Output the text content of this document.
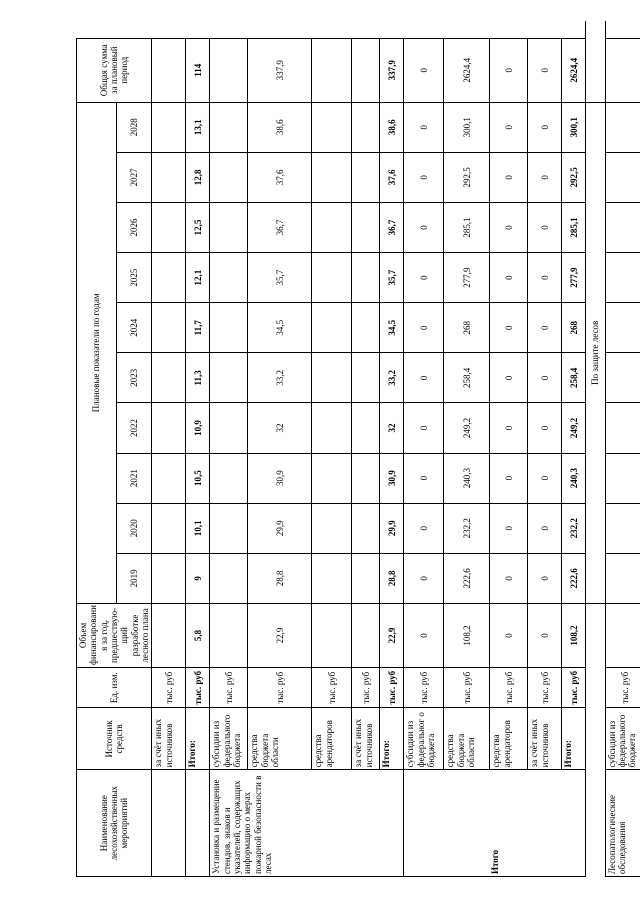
Наименование лесохозяйственных мероприятий	Источник средств	Ед. изм.	Объем финансировани я за год, предшествую-щий разработке лесного плана	Плановые показатели по годам										Общая сумма за плановый период	
				2019	2020	2021	2022	2023	2024	2025	2026	2027	2028		
	за счёт иных источников	тыс. руб													
	Итого:	тыс. руб	5,8	9	10,1	10,5	10,9	11,3	11,7	12,1	12,5	12,8	13,1	114	
Установка и размещение стендов, знаков и указателей, содержащих информацию о мерах пожарной безопасности в лесах	субсидии из федерального бюджета	тыс. руб													
	средства бюджета области	тыс. руб	22,9	28,8	29,9	30,9	32	33,2	34,5	35,7	36,7	37,6	38,6	337,9	
	средства арендаторов	тыс. руб													
	за счёт иных источников	тыс. руб													
	Итого:	тыс. руб	22,9	28,8	29,9	30,9	32	33,2	34,5	35,7	36,7	37,6	38,6	337,9	
Итого	субсидии из федеральног о бюджета	тыс. руб	0	0	0	0	0	0	0	0	0	0	0	0	
	средства бюджета области	тыс. руб	108,2	222,6	232,2	240,3	249,2	258,4	268	277,9	285,1	292,5	300,1	2624,4	
	средства арендаторов	тыс. руб	0	0	0	0	0	0	0	0	0	0	0	0	
	за счёт иных источников	тыс. руб	0	0	0	0	0	0	0	0	0	0	0	0	
	Итого:	тыс. руб	108,2	222,6	232,2	240,3	249,2	258,4	268	277,9	285,1	292,5	300,1	2624,4	
				По защите лесов											
Лесопатологические обследования	субсидии из федерального бюджета	тыс. руб													
